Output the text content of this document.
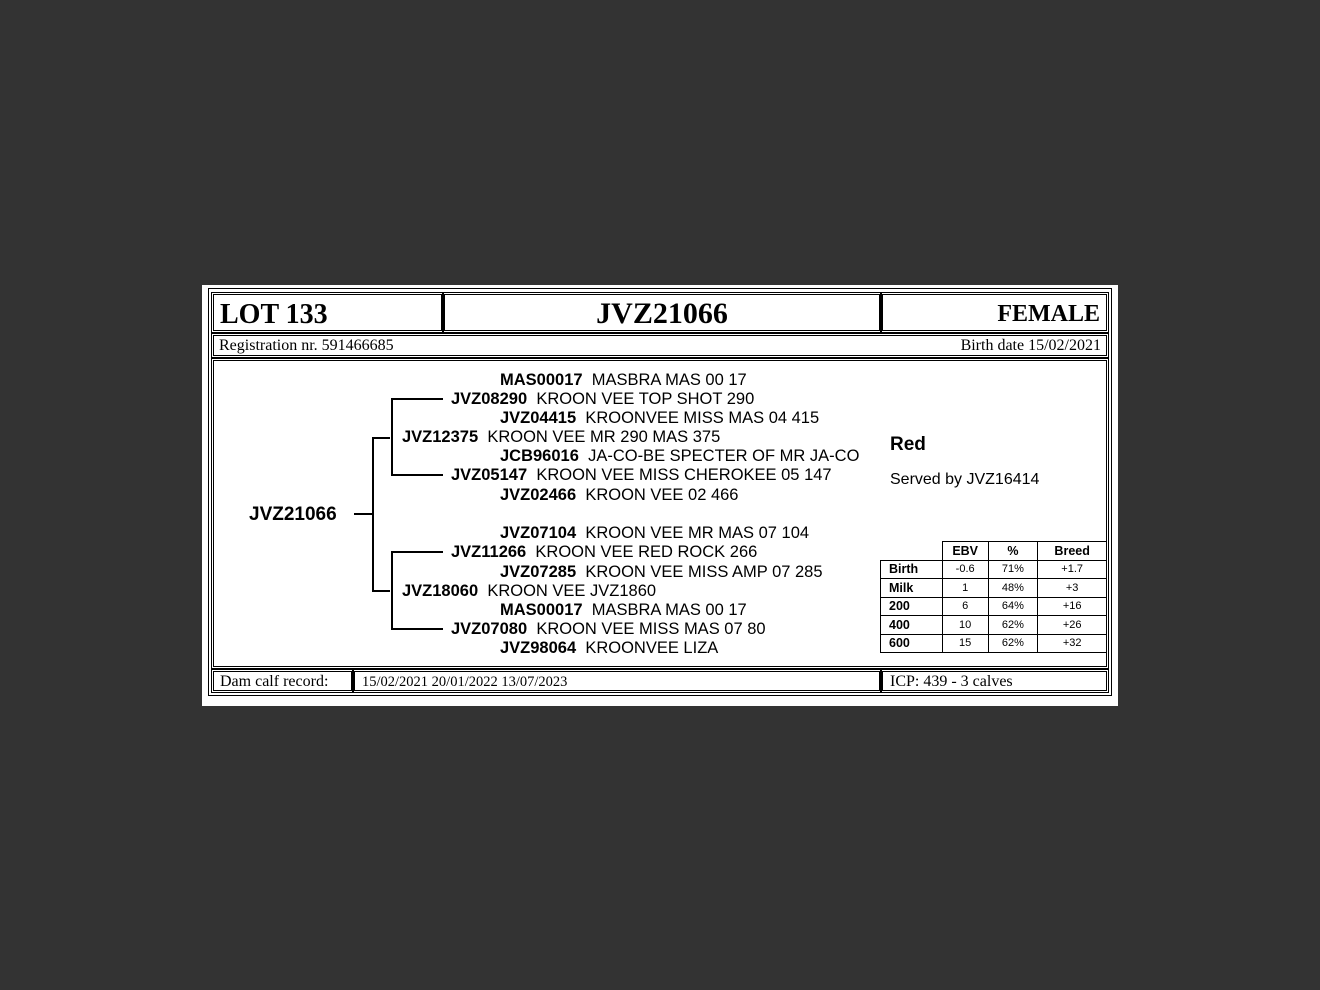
LOT 133	JVZ21066	FEMALE
Registration nr. 591466685	Birth date 15/02/2021
JVZ21066
MAS00017 MASBRA MAS 00 17
JVZ08290 KROON VEE TOP SHOT 290
JVZ04415 KROONVEE MISS MAS 04 415
JVZ12375 KROON VEE MR 290 MAS 375
JCB96016 JA-CO-BE SPECTER OF MR JA-CO
JVZ05147 KROON VEE MISS CHEROKEE 05 147
JVZ02466 KROON VEE 02 466
JVZ07104 KROON VEE MR MAS 07 104
JVZ11266 KROON VEE RED ROCK 266
JVZ07285 KROON VEE MISS AMP 07 285
JVZ18060 KROON VEE JVZ1860
MAS00017 MASBRA MAS 00 17
JVZ07080 KROON VEE MISS MAS 07 80
JVZ98064 KROONVEE LIZA
Red
Served by JVZ16414
	EBV	%	Breed
Birth	-0.6	71%	+1.7
Milk	1	48%	+3
200	6	64%	+16
400	10	62%	+26
600	15	62%	+32
Dam calf record: 15/02/2021 20/01/2022 13/07/2023	ICP: 439 - 3 calves
